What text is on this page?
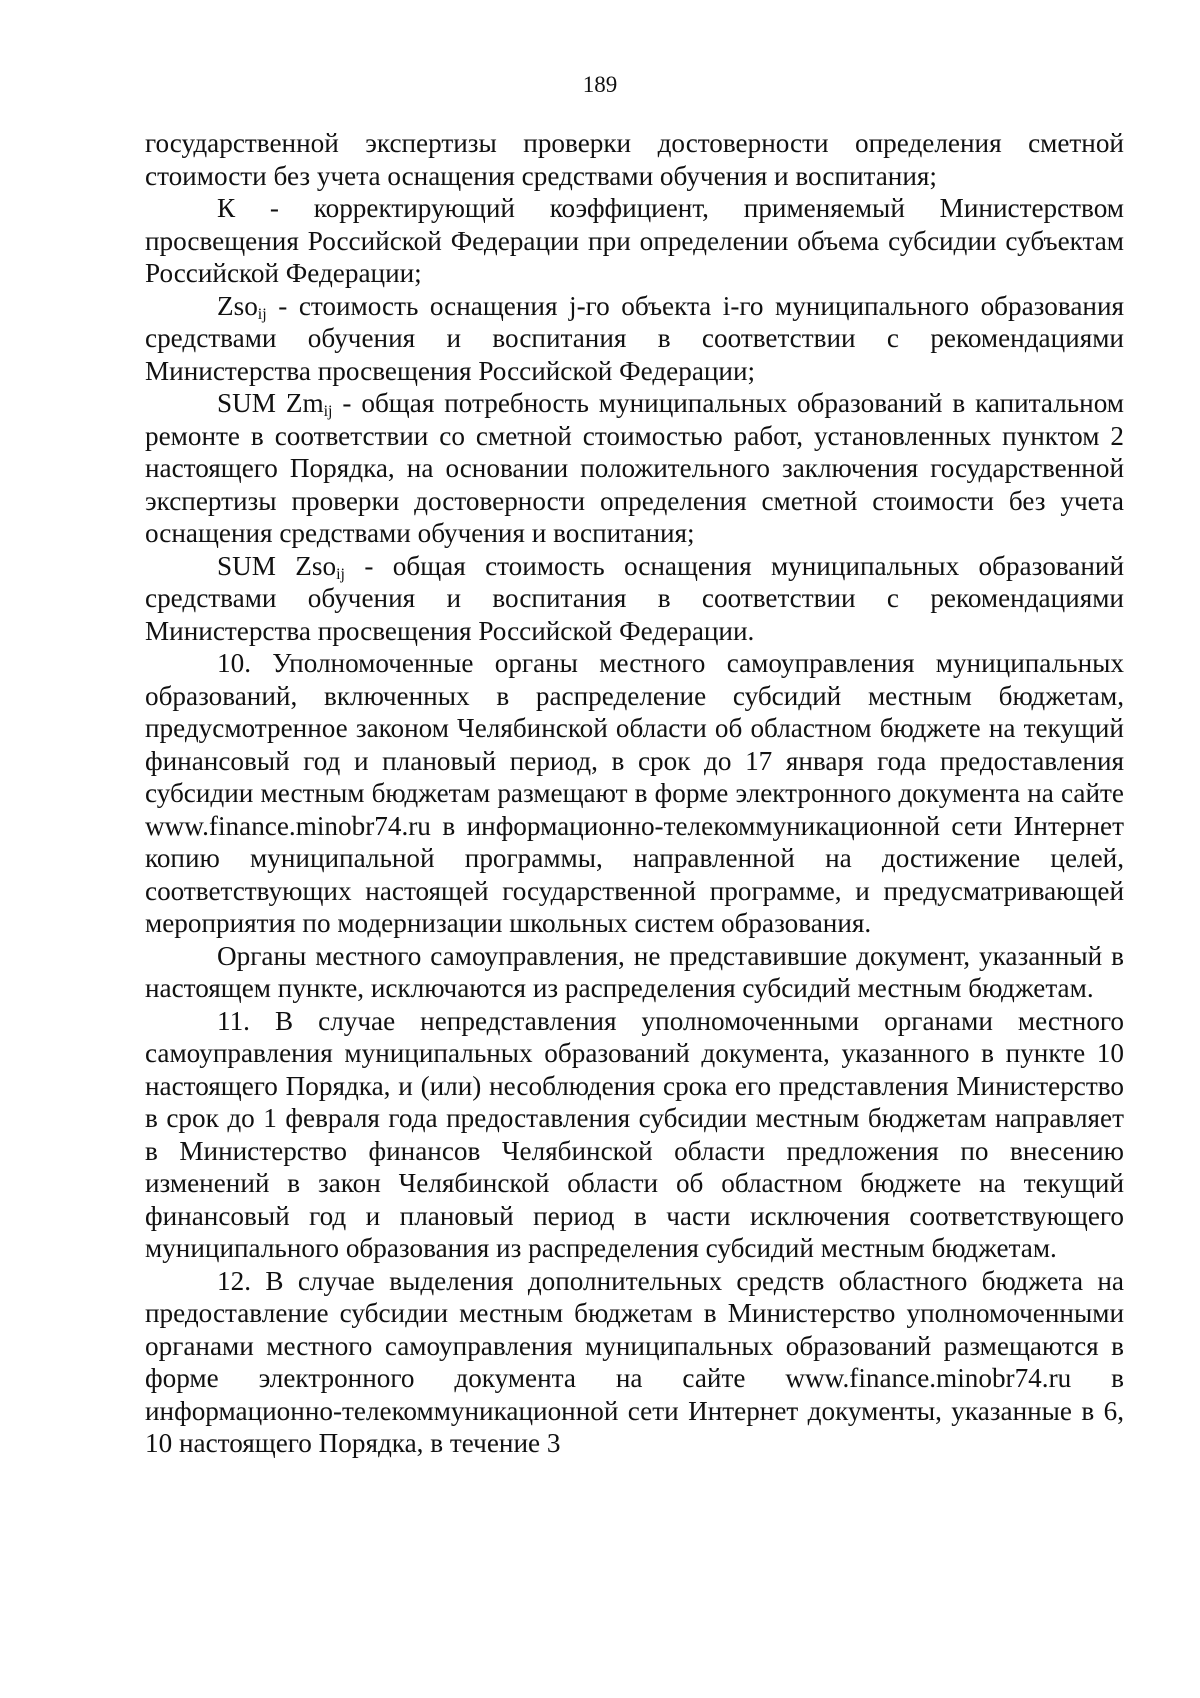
189

государственной экспертизы проверки достоверности определения сметной стоимости без учета оснащения средствами обучения и воспитания;

К - корректирующий коэффициент, применяемый Министерством просвещения Российской Федерации при определении объема субсидии субъектам Российской Федерации;

Zso$_{ij}$ - стоимость оснащения j-го объекта i-го муниципального образования средствами обучения и воспитания в соответствии с рекомендациями Министерства просвещения Российской Федерации;

SUM $Zm_{ij}$ - общая потребность муниципальных образований в капитальном ремонте в соответствии со сметной стоимостью работ, установленных пунктом 2 настоящего Порядка, на основании положительного заключения государственной экспертизы проверки достоверности определения сметной стоимости без учета оснащения средствами обучения и воспитания;

SUM Zso$_{ij}$ - общая стоимость оснащения муниципальных образований средствами обучения и воспитания в соответствии с рекомендациями Министерства просвещения Российской Федерации.

10. Уполномоченные органы местного самоуправления муниципальных образований, включенных в распределение субсидий местным бюджетам, предусмотренное законом Челябинской области об областном бюджете на текущий финансовый год и плановый период, в срок до 17 января года предоставления субсидии местным бюджетам размещают в форме электронного документа на сайте www.finance.minobr74.ru в информационно-телекоммуникационной сети Интернет копию муниципальной программы, направленной на достижение целей, соответствующих настоящей государственной программе, и предусматривающей мероприятия по модернизации школьных систем образования.

Органы местного самоуправления, не представившие документ, указанный в настоящем пункте, исключаются из распределения субсидий местным бюджетам.

11. В случае непредставления уполномоченными органами местного самоуправления муниципальных образований документа, указанного в пункте 10 настоящего Порядка, и (или) несоблюдения срока его представления Министерство в срок до 1 февраля года предоставления субсидии местным бюджетам направляет в Министерство финансов Челябинской области предложения по внесению изменений в закон Челябинской области об областном бюджете на текущий финансовый год и плановый период в части исключения соответствующего муниципального образования из распределения субсидий местным бюджетам.

12. В случае выделения дополнительных средств областного бюджета на предоставление субсидии местным бюджетам в Министерство уполномоченными органами местного самоуправления муниципальных образований размещаются в форме электронного документа на сайте www.finance.minobr74.ru в информационно-телекоммуникационной сети Интернет документы, указанные в 6, 10 настоящего Порядка, в течение 3
